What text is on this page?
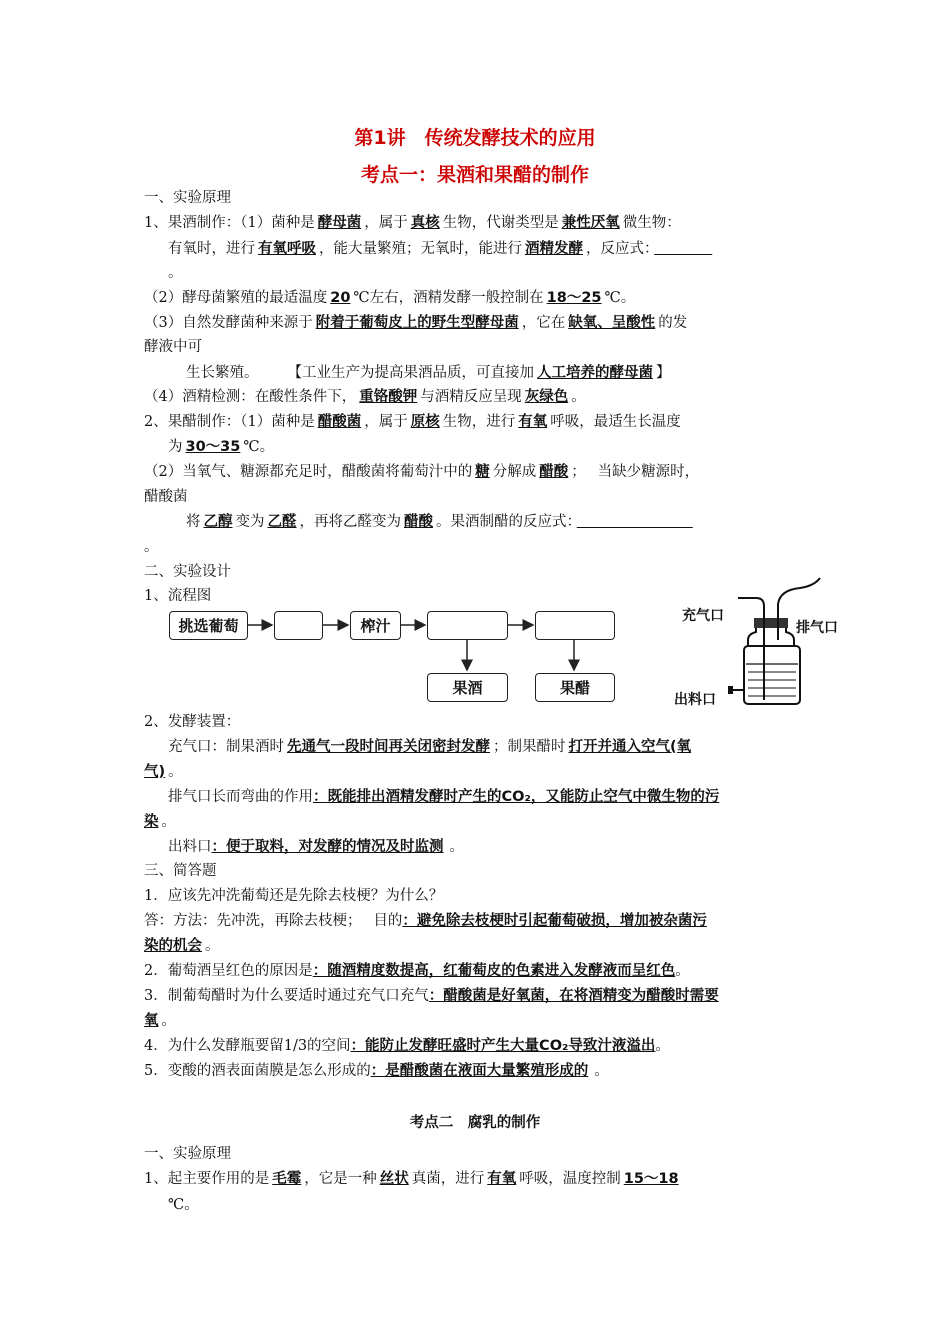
第1讲　传统发酵技术的应用
考点一：果酒和果醋的制作
一、实验原理
1、果酒制作：（1）菌种是 酵母菌 ，属于 真核 生物，代谢类型是 兼性厌氧 微生物：
有氧时，进行 有氧呼吸 ，能大量繁殖；无氧时，能进行 酒精发酵 ，反应式：　　　　
。
（2）酵母菌繁殖的最适温度 20 ℃左右，酒精发酵一般控制在 18～25 ℃。
（3）自然发酵菌种来源于 附着于葡萄皮上的野生型酵母菌 ，它在 缺氧、呈酸性 的发
酵液中可
生长繁殖。　　　【工业生产为提高果酒品质，可直接加 人工培养的酵母菌 】
（4）酒精检测：在酸性条件下， 重铬酸钾 与酒精反应呈现 灰绿色 。
2、果醋制作：（1）菌种是 醋酸菌 ，属于 原核 生物，进行 有氧 呼吸，最适生长温度
为 30～35 ℃。
（2）当氧气、糖源都充足时，醋酸菌将葡萄汁中的 糖 分解成 醋酸 ；　 当缺少糖源时，
醋酸菌
将 乙醇 变为 乙醛 ，再将乙醛变为 醋酸 。果酒制醋的反应式：　　　　　　　　
。
二、实验设计
1、流程图
挑选葡萄	榨汁
果酒	果醋
充气口
排气口
出料口
2、发酵装置：
充气口：制果酒时 先通气一段时间再关闭密封发酵 ；制果醋时 打开并通入空气(氧
气) 。
排气口长而弯曲的作用：既能排出酒精发酵时产生的CO₂，又能防止空气中微生物的污
染 。
出料口：便于取料，对发酵的情况及时监测 。
三、简答题
1．应该先冲洗葡萄还是先除去枝梗？为什么？
答：方法：先冲洗，再除去枝梗；　 目的：避免除去枝梗时引起葡萄破损，增加被杂菌污
染的机会 。
2．葡萄酒呈红色的原因是：随酒精度数提高，红葡萄皮的色素进入发酵液而呈红色。
3．制葡萄醋时为什么要适时通过充气口充气：醋酸菌是好氧菌，在将酒精变为醋酸时需要
氧 。
4．为什么发酵瓶要留1/3的空间：能防止发酵旺盛时产生大量CO₂导致汁液溢出。
5．变酸的酒表面菌膜是怎么形成的：是醋酸菌在液面大量繁殖形成的 。
考点二　腐乳的制作
一、实验原理
1、起主要作用的是 毛霉 ，它是一种 丝状 真菌，进行 有氧 呼吸，温度控制 15～18
℃。
